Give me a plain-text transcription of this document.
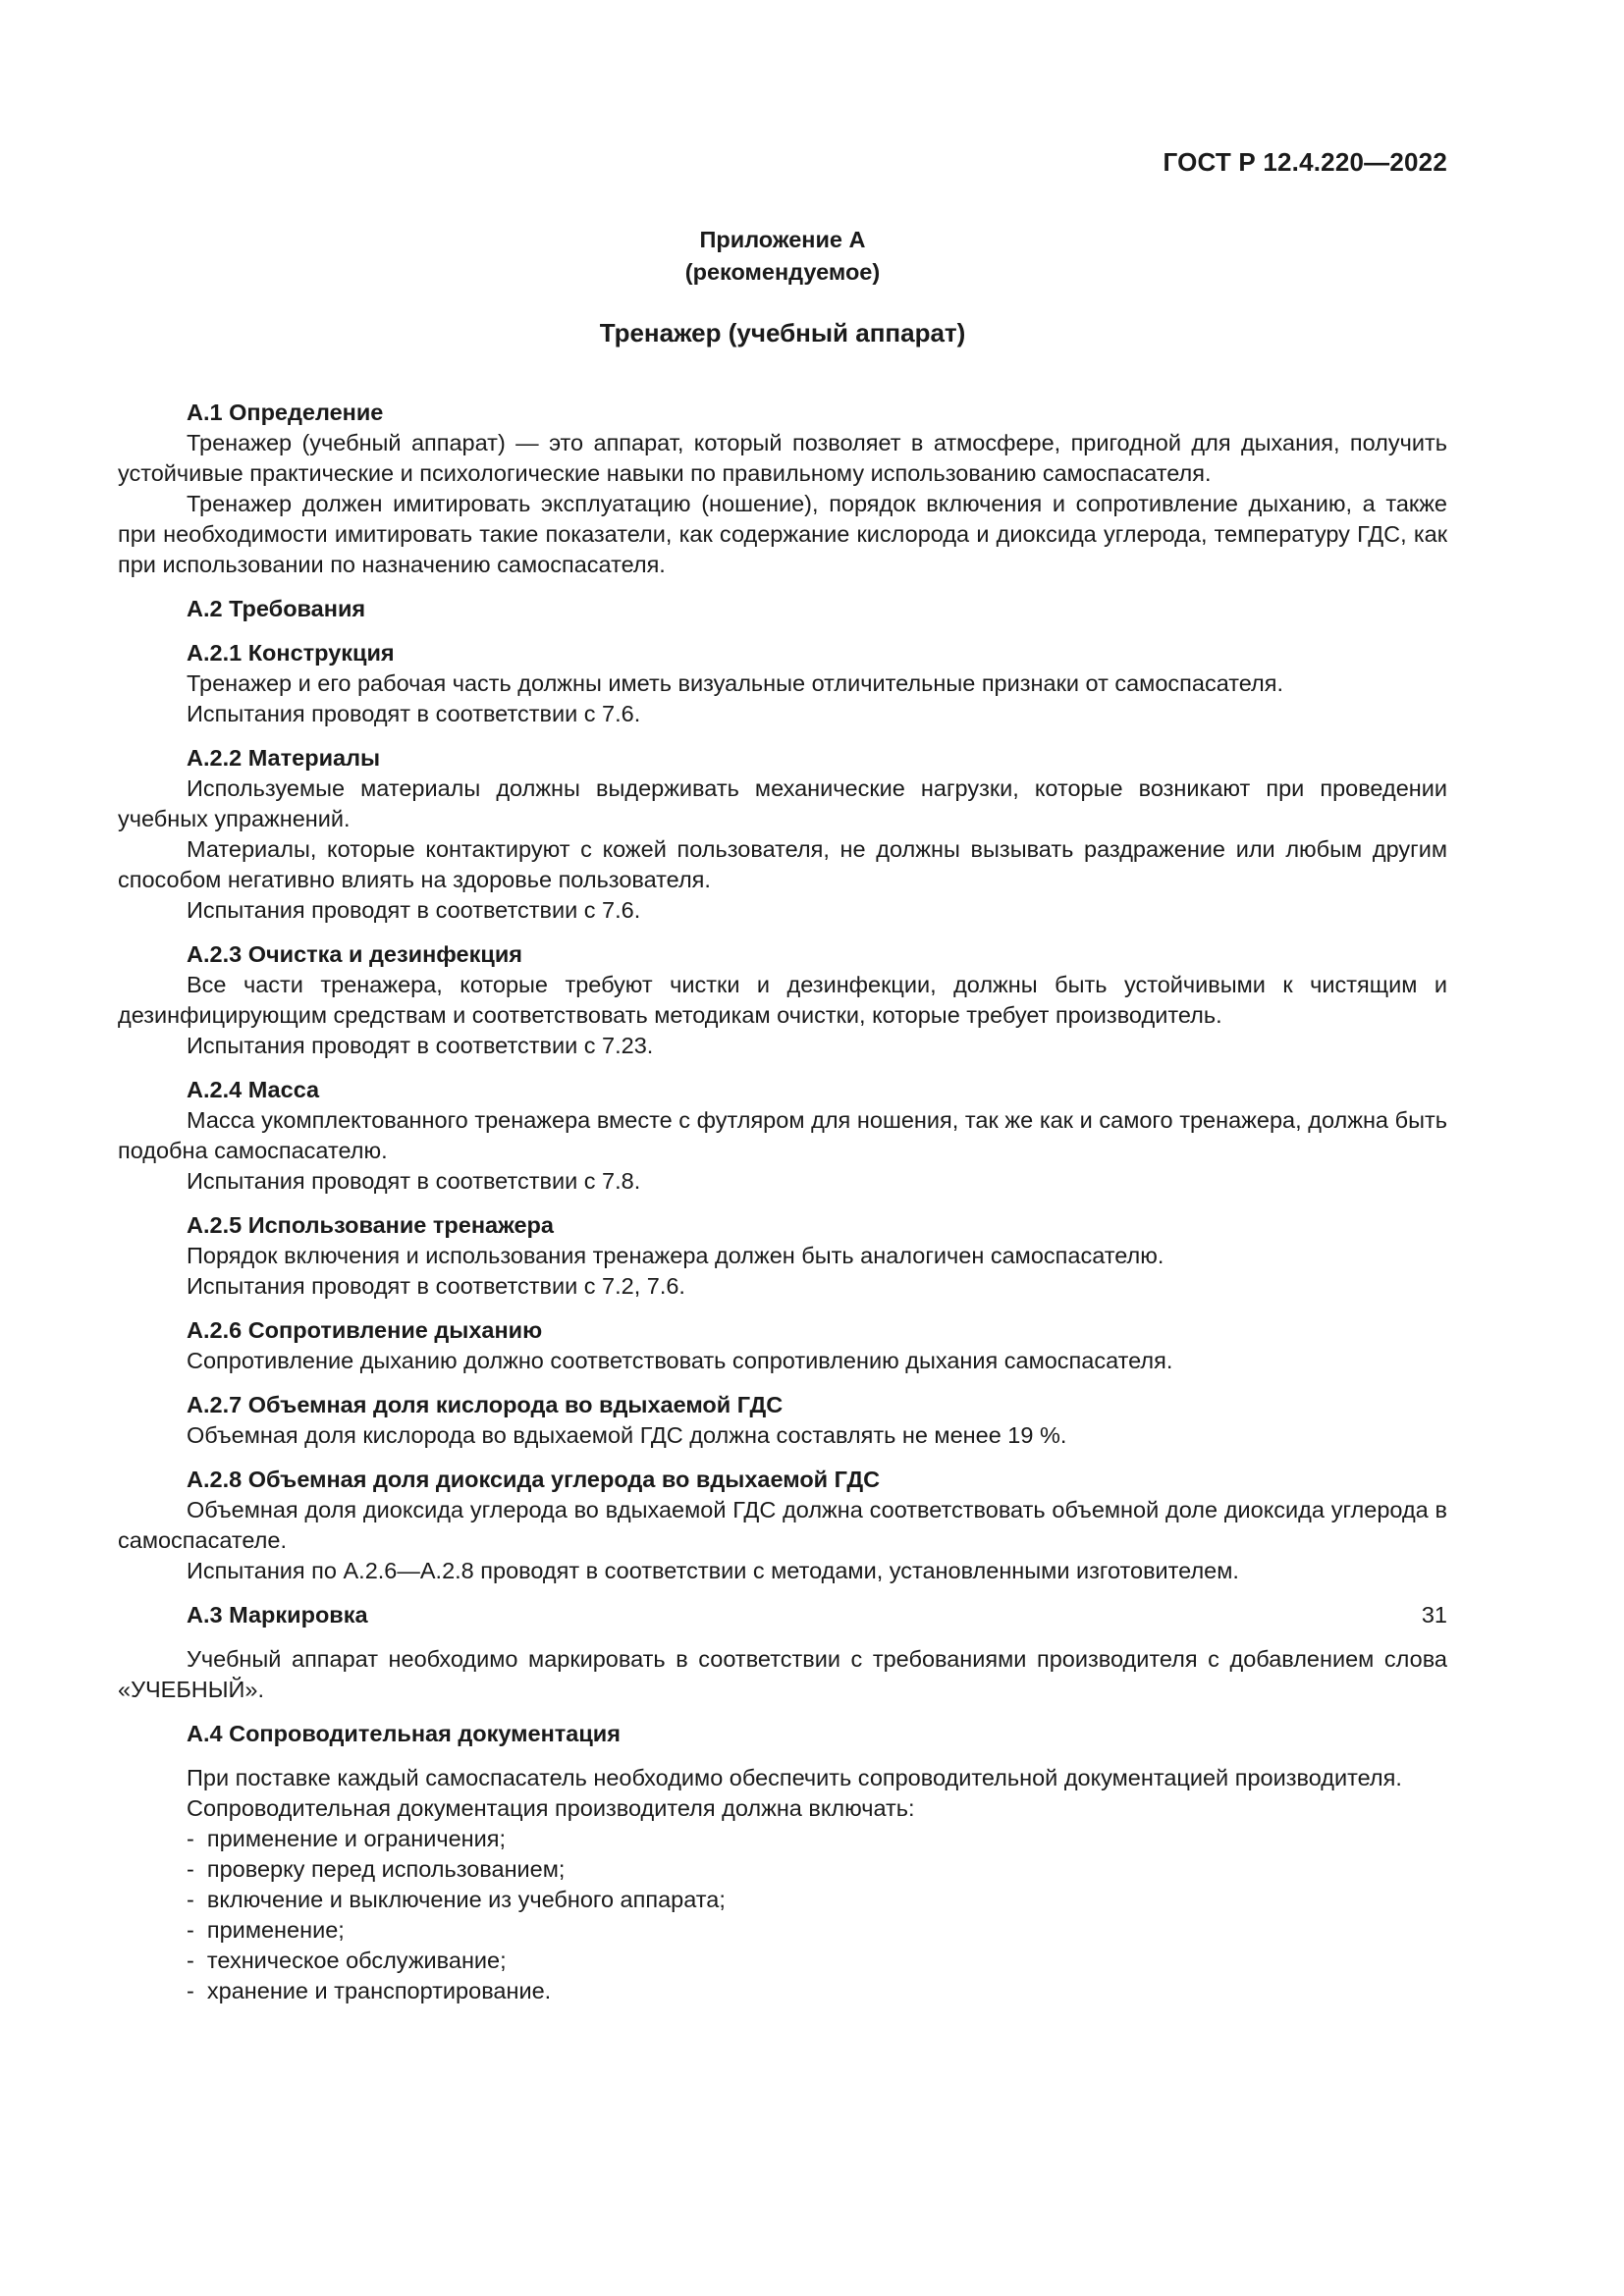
ГОСТ Р 12.4.220—2022
Приложение А
(рекомендуемое)
Тренажер (учебный аппарат)
А.1 Определение

Тренажер (учебный аппарат) — это аппарат, который позволяет в атмосфере, пригодной для дыхания, получить устойчивые практические и психологические навыки по правильному использованию самоспасателя.

Тренажер должен имитировать эксплуатацию (ношение), порядок включения и сопротивление дыханию, а также при необходимости имитировать такие показатели, как содержание кислорода и диоксида углерода, температуру ГДС, как при использовании по назначению самоспасателя.

А.2 Требования
А.2.1 Конструкция

Тренажер и его рабочая часть должны иметь визуальные отличительные признаки от самоспасателя.

Испытания проводят в соответствии с 7.6.

А.2.2 Материалы

Используемые материалы должны выдерживать механические нагрузки, которые возникают при проведении учебных упражнений.

Материалы, которые контактируют с кожей пользователя, не должны вызывать раздражение или любым другим способом негативно влиять на здоровье пользователя.

Испытания проводят в соответствии с 7.6.

А.2.3 Очистка и дезинфекция

Все части тренажера, которые требуют чистки и дезинфекции, должны быть устойчивыми к чистящим и дезинфицирующим средствам и соответствовать методикам очистки, которые требует производитель.

Испытания проводят в соответствии с 7.23.

А.2.4 Масса

Масса укомплектованного тренажера вместе с футляром для ношения, так же как и самого тренажера, должна быть подобна самоспасателю.

Испытания проводят в соответствии с 7.8.

А.2.5 Использование тренажера

Порядок включения и использования тренажера должен быть аналогичен самоспасателю.

Испытания проводят в соответствии с 7.2, 7.6.

А.2.6 Сопротивление дыханию

Сопротивление дыханию должно соответствовать сопротивлению дыхания самоспасателя.

А.2.7 Объемная доля кислорода во вдыхаемой ГДС

Объемная доля кислорода во вдыхаемой ГДС должна составлять не менее 19 %.

А.2.8 Объемная доля диоксида углерода во вдыхаемой ГДС

Объемная доля диоксида углерода во вдыхаемой ГДС должна соответствовать объемной доле диоксида углерода в самоспасателе.

Испытания по А.2.6—А.2.8 проводят в соответствии с методами, установленными изготовителем.

А.3 Маркировка

Учебный аппарат необходимо маркировать в соответствии с требованиями производителя с добавлением слова «УЧЕБНЫЙ».

А.4 Сопроводительная документация

При поставке каждый самоспасатель необходимо обеспечить сопроводительной документацией производителя.

Сопроводительная документация производителя должна включать:

-  применение и ограничения;
-  проверку перед использованием;
-  включение и выключение из учебного аппарата;
-  применение;
-  техническое обслуживание;
-  хранение и транспортирование.
31
